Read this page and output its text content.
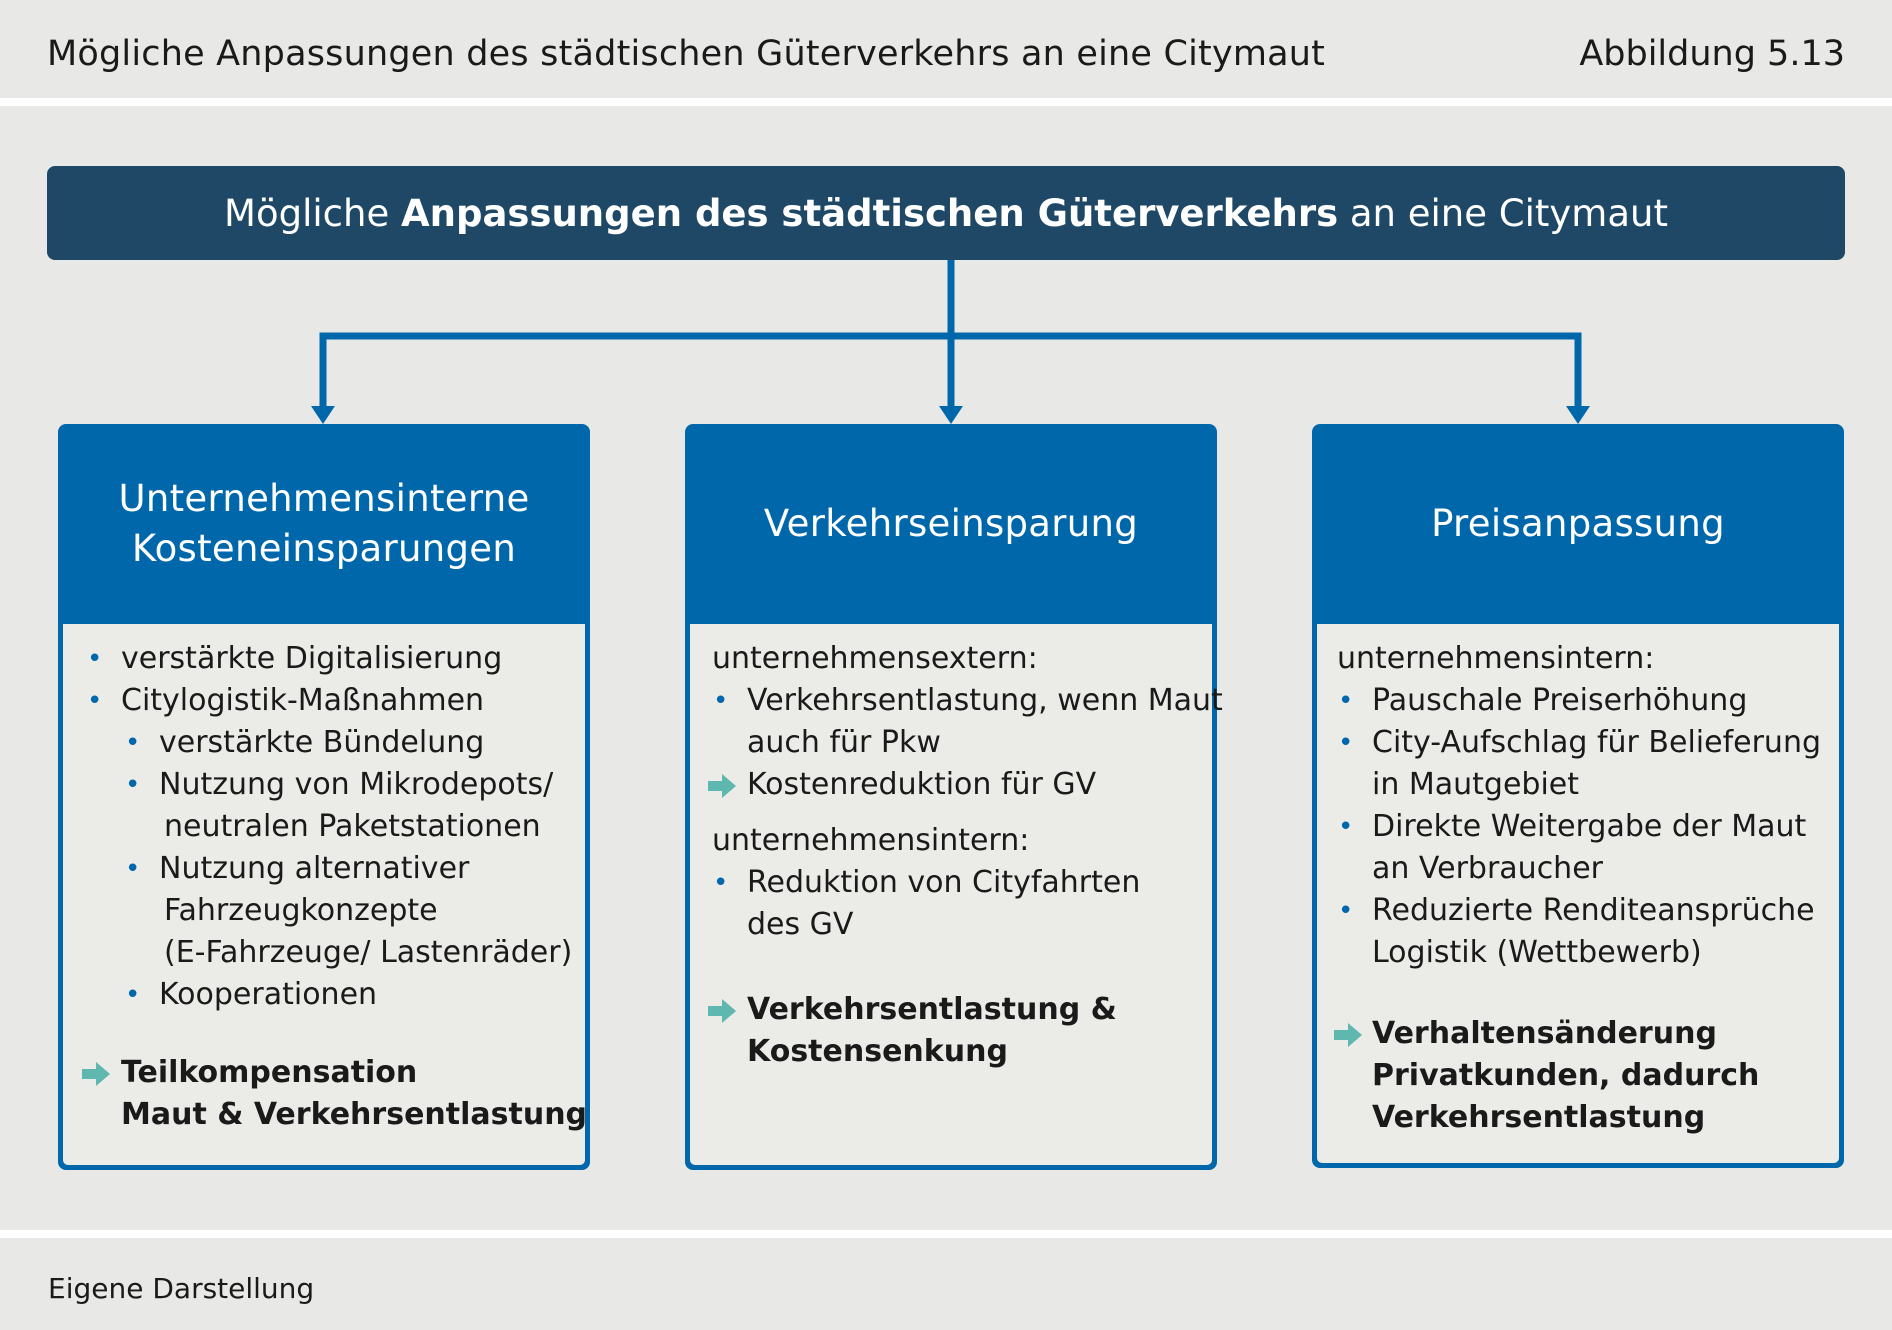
Mögliche Anpassungen des städtischen Güterverkehrs an eine Citymaut	Abbildung 5.13
Mögliche Anpassungen des städtischen Güterverkehrs an eine Citymaut
Unternehmensinterne
Kosteneinsparungen
• verstärkte Digitalisierung
• Citylogistik-Maßnahmen
• verstärkte Bündelung
• Nutzung von Mikrodepots/
neutralen Paketstationen
• Nutzung alternativer
Fahrzeugkonzepte
(E-Fahrzeuge/ Lastenräder)
• Kooperationen
Teilkompensation
Maut & Verkehrsentlastung
Verkehrseinsparung
unternehmensextern:
• Verkehrsentlastung, wenn Maut
auch für Pkw
Kostenreduktion für GV
unternehmensintern:
• Reduktion von Cityfahrten
des GV
Verkehrsentlastung &
Kostensenkung
Preisanpassung
unternehmensintern:
• Pauschale Preiserhöhung
• City-Aufschlag für Belieferung
in Mautgebiet
• Direkte Weitergabe der Maut
an Verbraucher
• Reduzierte Renditeansprüche
Logistik (Wettbewerb)
Verhaltensänderung
Privatkunden, dadurch
Verkehrsentlastung
Eigene Darstellung
